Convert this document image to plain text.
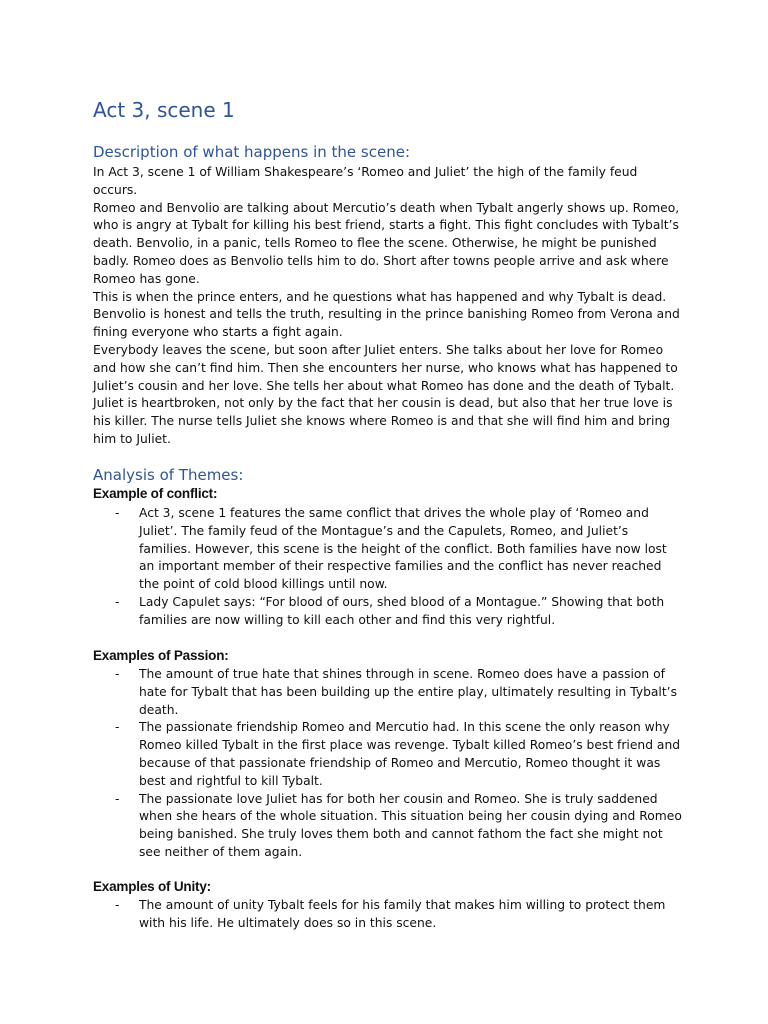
Act 3, scene 1
Description of what happens in the scene:

In Act 3, scene 1 of William Shakespeare’s ‘Romeo and Juliet’ the high of the family feud occurs.

Romeo and Benvolio are talking about Mercutio’s death when Tybalt angerly shows up. Romeo, who is angry at Tybalt for killing his best friend, starts a fight. This fight concludes with Tybalt’s death. Benvolio, in a panic, tells Romeo to flee the scene. Otherwise, he might be punished badly. Romeo does as Benvolio tells him to do. Short after towns people arrive and ask where Romeo has gone.

This is when the prince enters, and he questions what has happened and why Tybalt is dead. Benvolio is honest and tells the truth, resulting in the prince banishing Romeo from Verona and fining everyone who starts a fight again.

Everybody leaves the scene, but soon after Juliet enters. She talks about her love for Romeo and how she can’t find him. Then she encounters her nurse, who knows what has happened to Juliet’s cousin and her love. She tells her about what Romeo has done and the death of Tybalt. Juliet is heartbroken, not only by the fact that her cousin is dead, but also that her true love is his killer. The nurse tells Juliet she knows where Romeo is and that she will find him and bring him to Juliet.

Analysis of Themes:
Example of conflict:
- Act 3, scene 1 features the same conflict that drives the whole play of ‘Romeo and Juliet’. The family feud of the Montague’s and the Capulets, Romeo, and Juliet’s families. However, this scene is the height of the conflict. Both families have now lost an important member of their respective families and the conflict has never reached the point of cold blood killings until now.
- Lady Capulet says: “For blood of ours, shed blood of a Montague.” Showing that both families are now willing to kill each other and find this very rightful.
Examples of Passion:
- The amount of true hate that shines through in scene. Romeo does have a passion of hate for Tybalt that has been building up the entire play, ultimately resulting in Tybalt’s death.
- The passionate friendship Romeo and Mercutio had. In this scene the only reason why Romeo killed Tybalt in the first place was revenge. Tybalt killed Romeo’s best friend and because of that passionate friendship of Romeo and Mercutio, Romeo thought it was best and rightful to kill Tybalt.
- The passionate love Juliet has for both her cousin and Romeo. She is truly saddened when she hears of the whole situation. This situation being her cousin dying and Romeo being banished. She truly loves them both and cannot fathom the fact she might not see neither of them again.
Examples of Unity:
- The amount of unity Tybalt feels for his family that makes him willing to protect them with his life. He ultimately does so in this scene.
